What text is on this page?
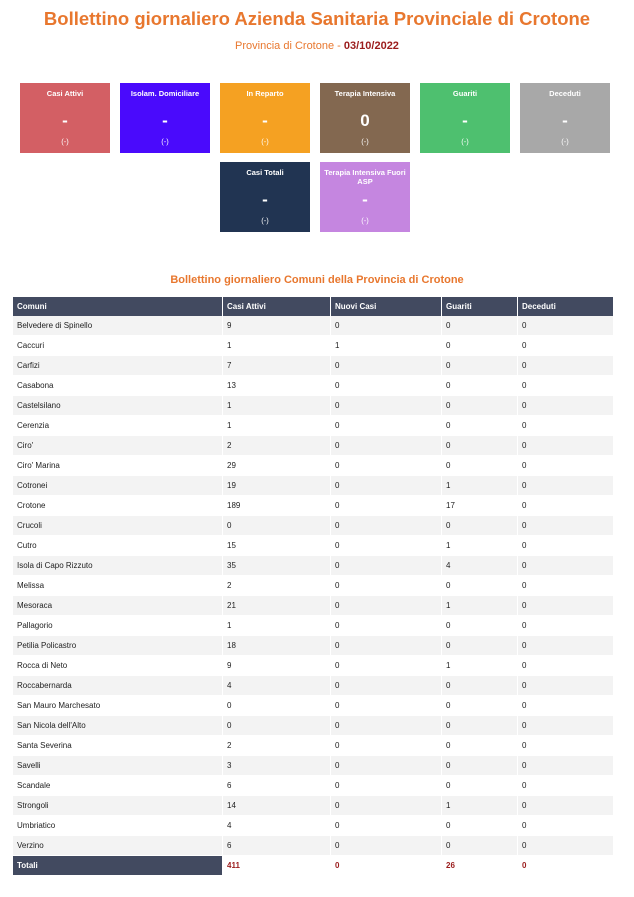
Bollettino giornaliero Azienda Sanitaria Provinciale di Crotone
Provincia di Crotone - 03/10/2022
Casi Attivi
-
(-)
Isolam. Domiciliare
-
(-)
In Reparto
-
(-)
Terapia Intensiva
0
(-)
Guariti
-
(-)
Deceduti
-
(-)
Casi Totali
-
(-)
Terapia Intensiva Fuori ASP
-
(-)
Bollettino giornaliero Comuni della Provincia di Crotone
Comuni	Casi Attivi	Nuovi Casi	Guariti	Deceduti
Belvedere di Spinello	9	0	0	0
Caccuri	1	1	0	0
Carfizi	7	0	0	0
Casabona	13	0	0	0
Castelsilano	1	0	0	0
Cerenzia	1	0	0	0
Ciro'	2	0	0	0
Ciro' Marina	29	0	0	0
Cotronei	19	0	1	0
Crotone	189	0	17	0
Crucoli	0	0	0	0
Cutro	15	0	1	0
Isola di Capo Rizzuto	35	0	4	0
Melissa	2	0	0	0
Mesoraca	21	0	1	0
Pallagorio	1	0	0	0
Petilia Policastro	18	0	0	0
Rocca di Neto	9	0	1	0
Roccabernarda	4	0	0	0
San Mauro Marchesato	0	0	0	0
San Nicola dell'Alto	0	0	0	0
Santa Severina	2	0	0	0
Savelli	3	0	0	0
Scandale	6	0	0	0
Strongoli	14	0	1	0
Umbriatico	4	0	0	0
Verzino	6	0	0	0
Totali	411	0	26	0
